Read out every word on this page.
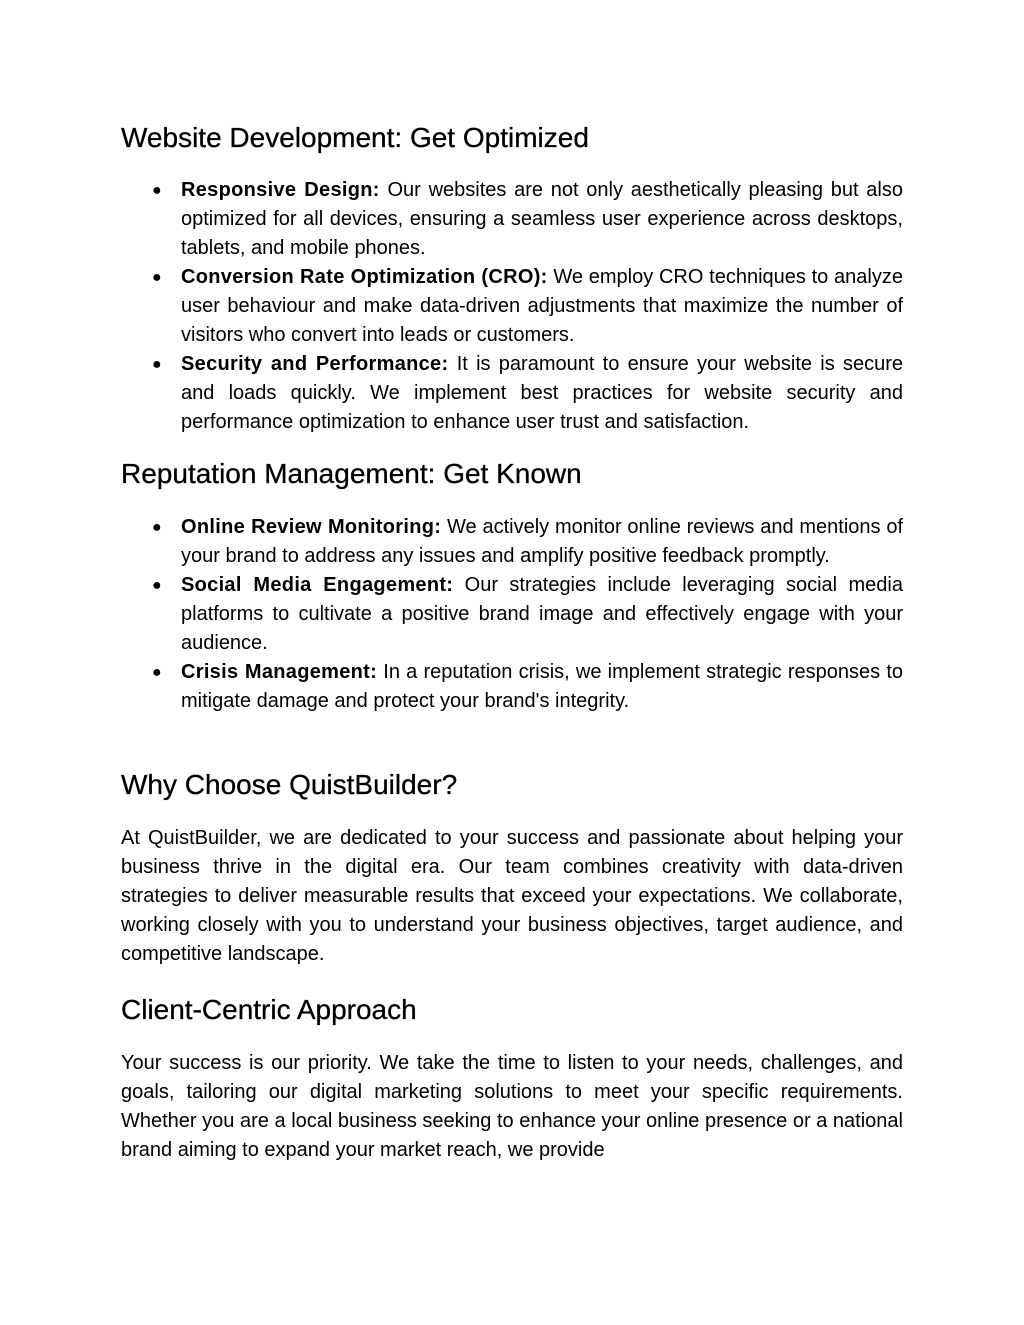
Website Development: Get Optimized
● Responsive Design: Our websites are not only aesthetically pleasing but also optimized for all devices, ensuring a seamless user experience across desktops, tablets, and mobile phones.
● Conversion Rate Optimization (CRO): We employ CRO techniques to analyze user behaviour and make data-driven adjustments that maximize the number of visitors who convert into leads or customers.
● Security and Performance: It is paramount to ensure your website is secure and loads quickly. We implement best practices for website security and performance optimization to enhance user trust and satisfaction.
Reputation Management: Get Known
● Online Review Monitoring: We actively monitor online reviews and mentions of your brand to address any issues and amplify positive feedback promptly.
● Social Media Engagement: Our strategies include leveraging social media platforms to cultivate a positive brand image and effectively engage with your audience.
● Crisis Management: In a reputation crisis, we implement strategic responses to mitigate damage and protect your brand's integrity.
Why Choose QuistBuilder?

At QuistBuilder, we are dedicated to your success and passionate about helping your business thrive in the digital era. Our team combines creativity with data-driven strategies to deliver measurable results that exceed your expectations. We collaborate, working closely with you to understand your business objectives, target audience, and competitive landscape.

Client-Centric Approach

Your success is our priority. We take the time to listen to your needs, challenges, and goals, tailoring our digital marketing solutions to meet your specific requirements. Whether you are a local business seeking to enhance your online presence or a national brand aiming to expand your market reach, we provide
